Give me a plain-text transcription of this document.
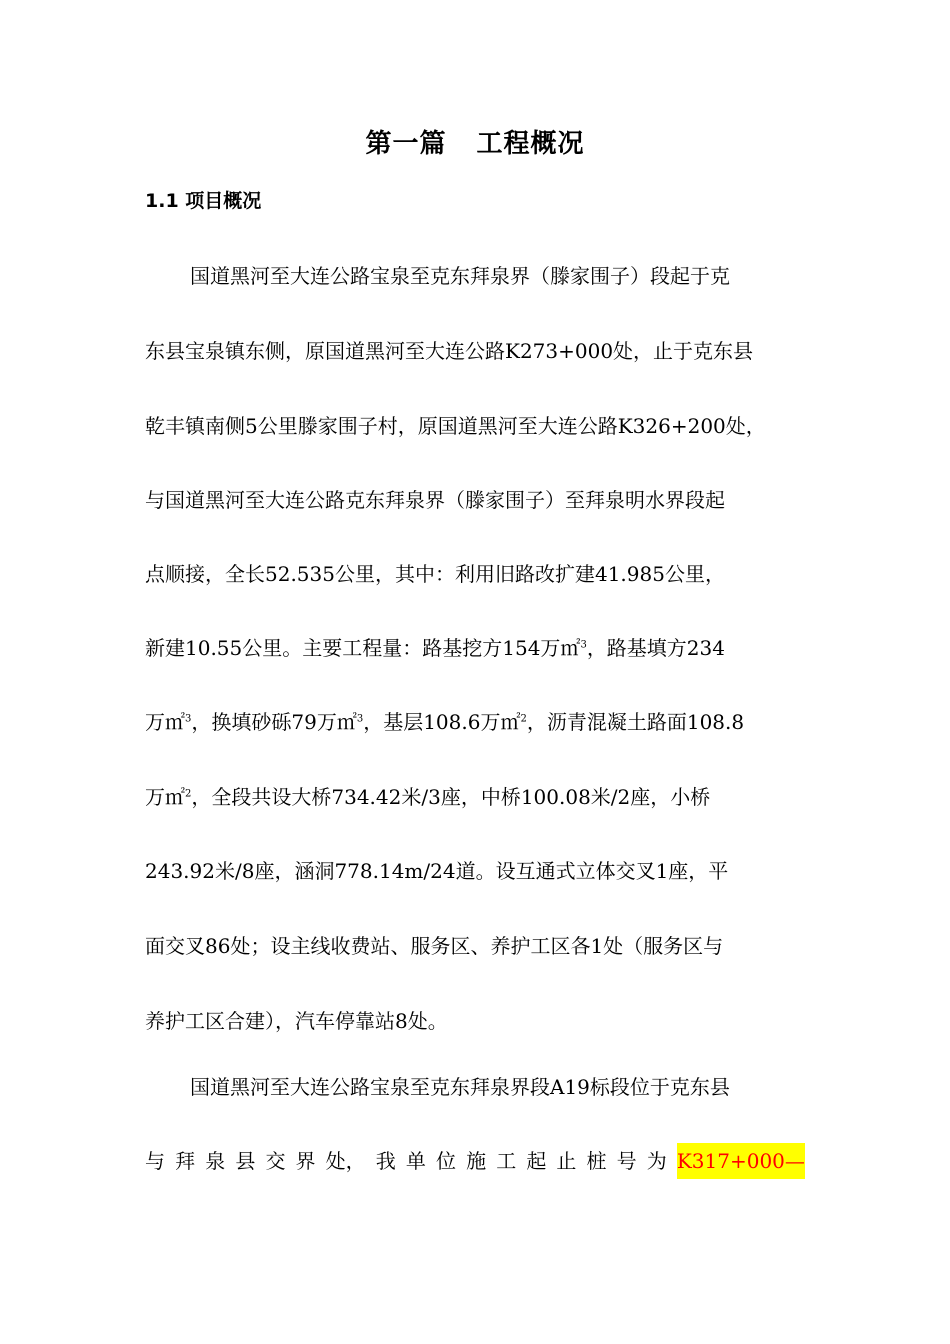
第一篇 工程概况
1.1 项目概况
国道黑河至大连公路宝泉至克东拜泉界（滕家围子）段起于克
东县宝泉镇东侧，原国道黑河至大连公路K273+000处，止于克东县
乾丰镇南侧5公里滕家围子村，原国道黑河至大连公路K326+200处，
与国道黑河至大连公路克东拜泉界（滕家围子）至拜泉明水界段起
点顺接，全长52.535公里，其中：利用旧路改扩建41.985公里，
新建10.55公里。主要工程量：路基挖方154万㎡$^3$，路基填方234
万㎡$^3$，换填砂砾79万㎡$^3$，基层108.6万㎡$^2$，沥青混凝土路面108.8
万㎡$^2$，全段共设大桥734.42米/3座，中桥100.08米/2座，小桥
243.92米/8座，涵洞778.14m/24道。设互通式立体交叉1座，平
面交叉86处；设主线收费站、服务区、养护工区各1处（服务区与
养护工区合建），汽车停靠站8处。
国道黑河至大连公路宝泉至克东拜泉界段A19标段位于克东县
与 拜 泉 县 交 界 处， 我 单 位 施 工 起 止 桩 号 为 K317+000—
